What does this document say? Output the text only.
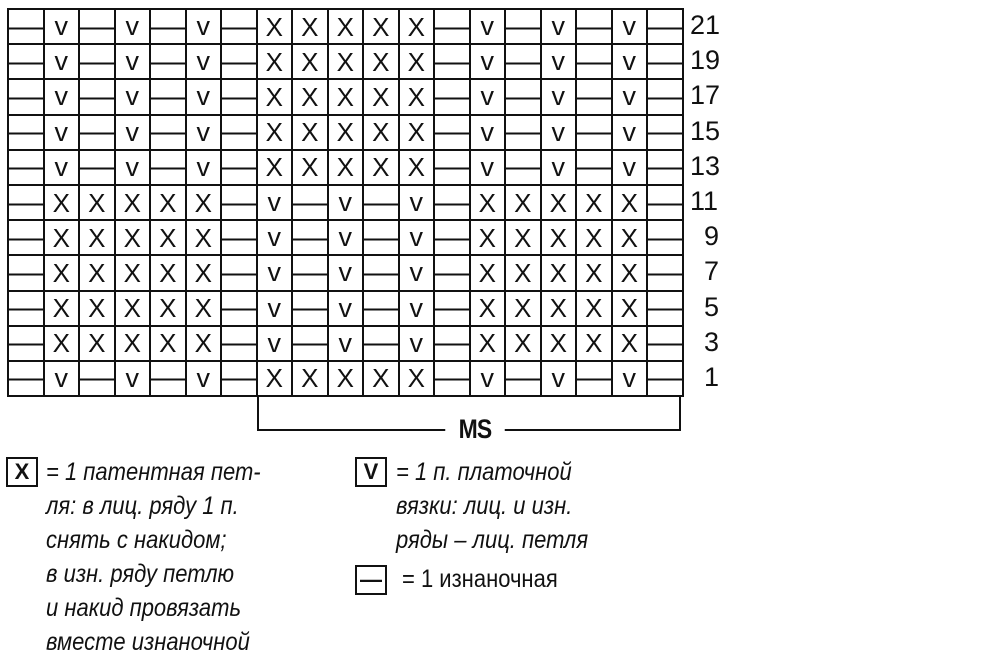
— v — v — v — X X X X X — v — v — v —
— v — v — v — X X X X X — v — v — v —
— v — v — v — X X X X X — v — v — v —
— v — v — v — X X X X X — v — v — v —
— v — v — v — X X X X X — v — v — v —
— X X X X X — v — v — v — X X X X X —
— X X X X X — v — v — v — X X X X X —
— X X X X X — v — v — v — X X X X X —
— X X X X X — v — v — v — X X X X X —
— X X X X X — v — v — v — X X X X X —
— v — v — v — X X X X X — v — v — v —
21
19
17
15
13
11
9
7
5
3
1
MS
X = 1 патентная пет-
ля: в лиц. ряду 1 п.
снять с накидом;
в изн. ряду петлю
и накид провязать
вместе изнаночной
V = 1 п. платочной
вязки: лиц. и изн.
ряды – лиц. петля
— = 1 изнаночная
